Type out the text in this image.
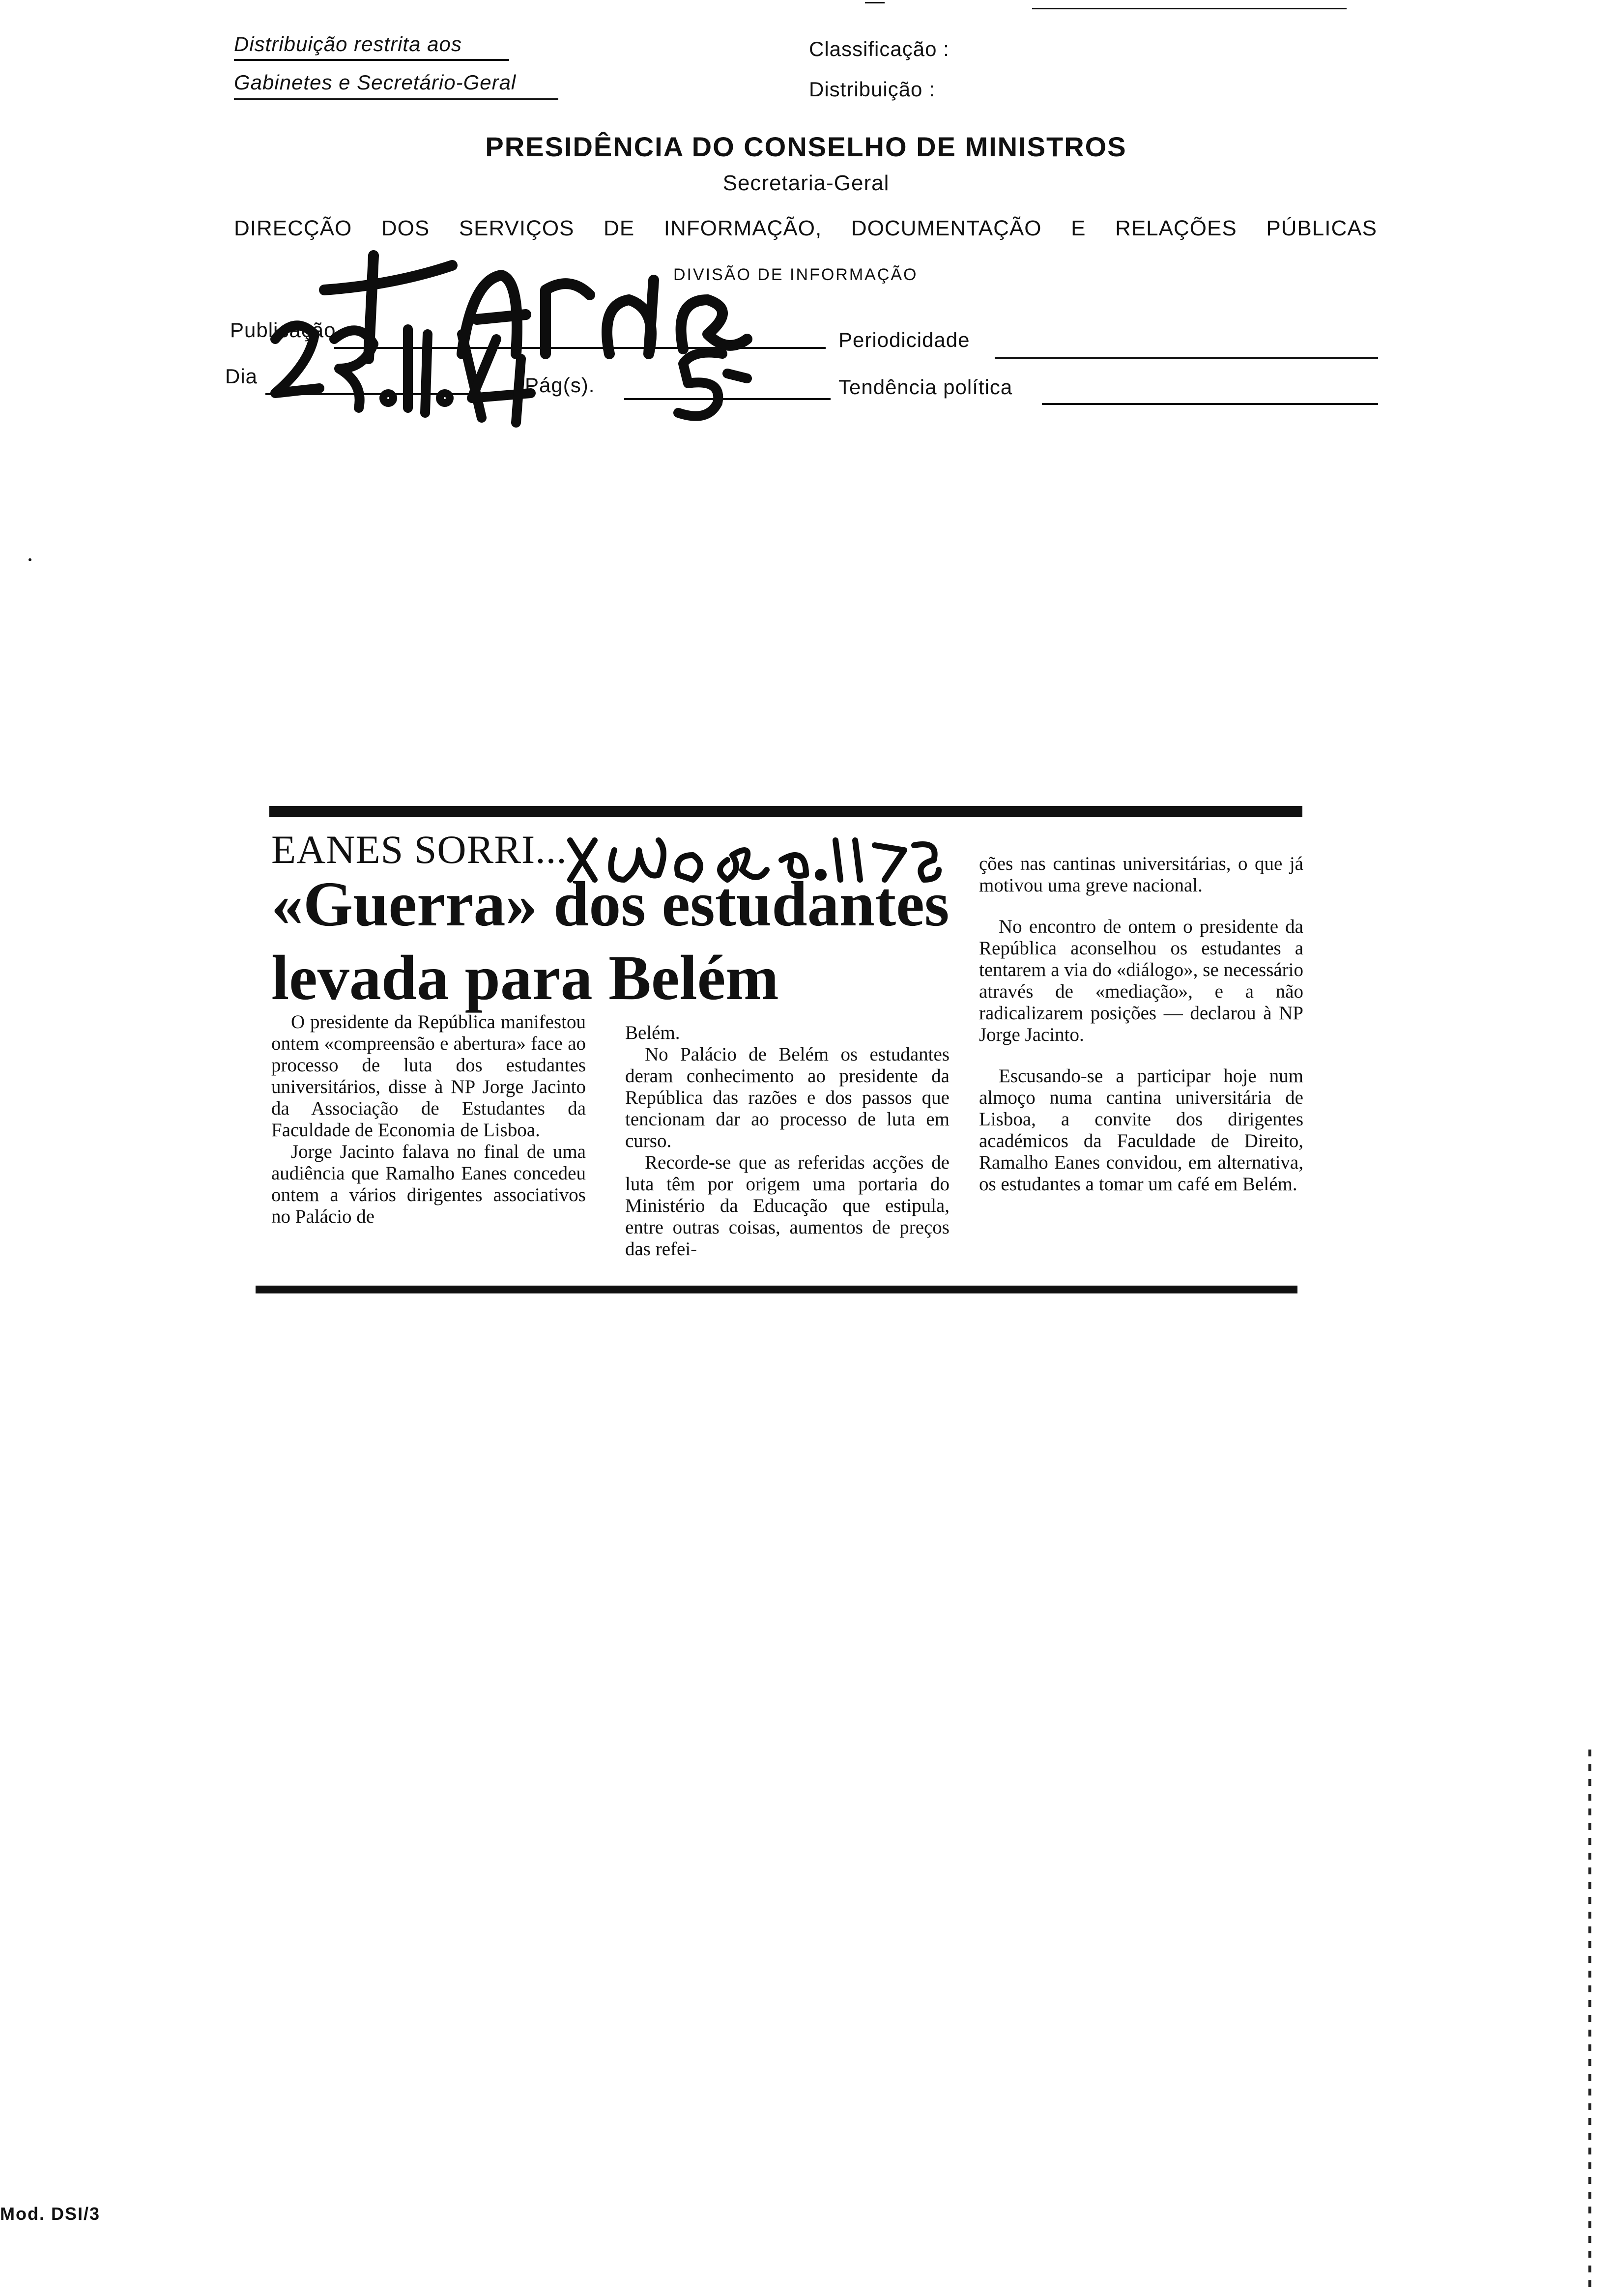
Distribuição restrita aos
Gabinetes e Secretário-Geral
Classificação :
Distribuição :
PRESIDÊNCIA DO CONSELHO DE MINISTROS
Secretaria-Geral
DIRECÇÃO DOS SERVIÇOS DE INFORMAÇÃO, DOCUMENTAÇÃO E RELAÇÕES PÚBLICAS
DIVISÃO DE INFORMAÇÃO
Publicação	Periodicidade
Dia	Pág(s).	Tendência política
EANES SORRI...
«Guerra» dos estudantes
levada para Belém

O presidente da República manifestou ontem «compreensão e abertura» face ao processo de luta dos estudantes universitários, disse à NP Jorge Jacinto da Associação de Estudantes da Faculdade de Economia de Lisboa.

Jorge Jacinto falava no final de uma audiência que Ramalho Eanes concedeu ontem a vários dirigentes associativos no Palácio de

Belém.

No Palácio de Belém os estudantes deram conhecimento ao presidente da República das razões e dos passos que tencionam dar ao processo de luta em curso.

Recorde-se que as referidas acções de luta têm por origem uma portaria do Ministério da Educação que estipula, entre outras coisas, aumentos de preços das refei-

ções nas cantinas universitárias, o que já motivou uma greve nacional.

No encontro de ontem o presidente da República aconselhou os estudantes a tentarem a via do «diálogo», se necessário através de «mediação», e a não radicalizarem posições — declarou à NP Jorge Jacinto.

Escusando-se a participar hoje num almoço numa cantina universitária de Lisboa, a convite dos dirigentes académicos da Faculdade de Direito, Ramalho Eanes convidou, em alternativa, os estudantes a tomar um café em Belém.

Mod. DSI/3
